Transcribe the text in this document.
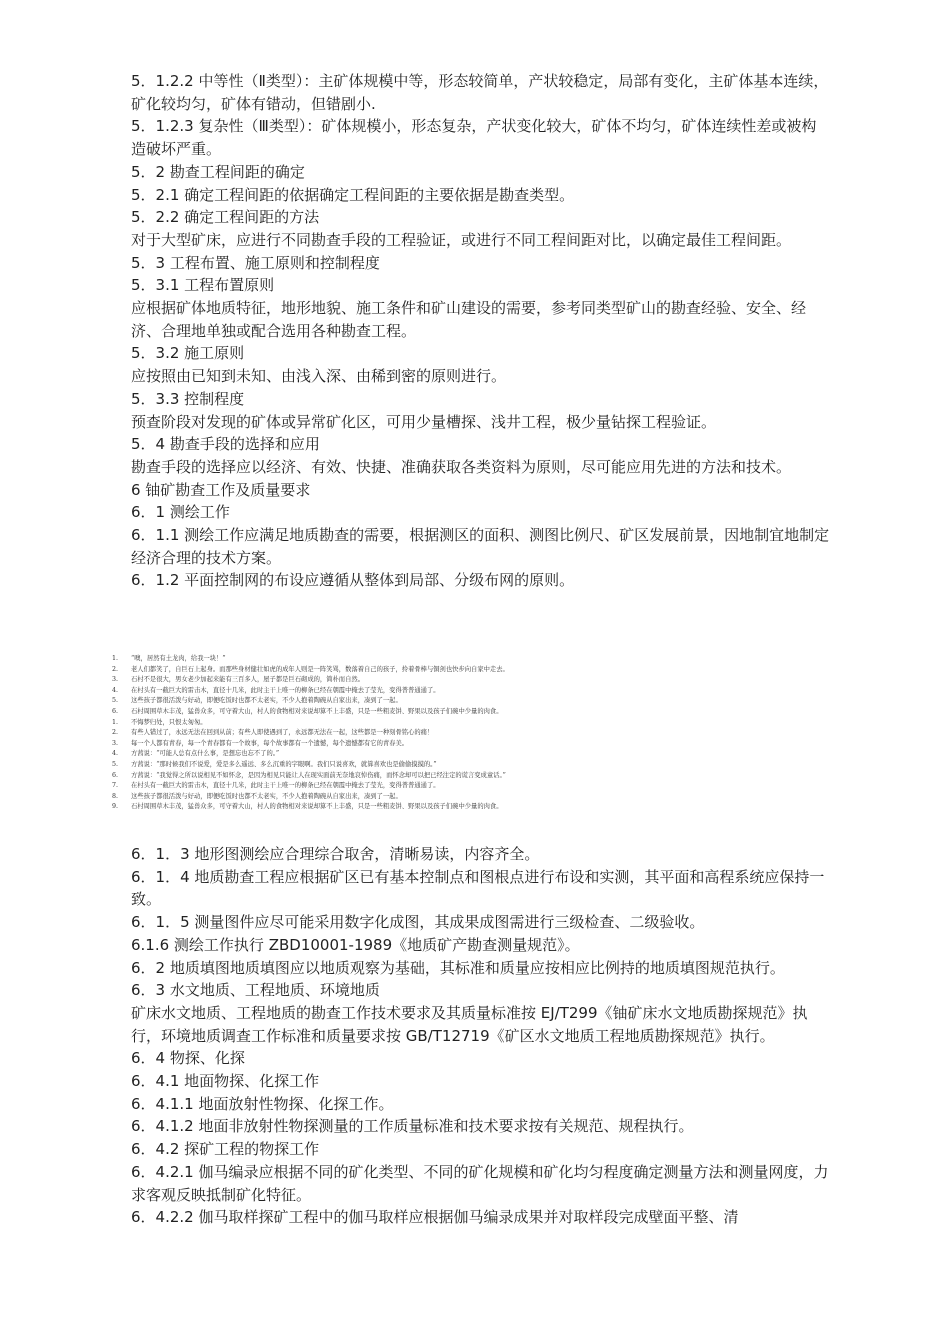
5．1.2.2 中等性（Ⅱ类型）：主矿体规模中等，形态较简单，产状较稳定，局部有变化，主矿体基本连续，矿化较均匀，矿体有错动，但错剧小.

5．1.2.3 复杂性（Ⅲ类型）：矿体规模小，形态复杂，产状变化较大，矿体不均匀，矿体连续性差或被构造破坏严重。

5．2 勘查工程间距的确定

5．2.1 确定工程间距的依据确定工程间距的主要依据是勘查类型。

5．2.2 确定工程间距的方法

对于大型矿床，应进行不同勘查手段的工程验证，或进行不同工程间距对比，以确定最佳工程间距。

5．3 工程布置、施工原则和控制程度

5．3.1 工程布置原则

应根据矿体地质特征，地形地貌、施工条件和矿山建设的需要，参考同类型矿山的勘查经验、安全、经济、合理地单独或配合选用各种勘查工程。

5．3.2 施工原则

应按照由已知到未知、由浅入深、由稀到密的原则进行。

5．3.3 控制程度

预查阶段对发现的矿体或异常矿化区，可用少量槽探、浅井工程，极少量钻探工程验证。

5．4 勘查手段的选择和应用

勘查手段的选择应以经济、有效、快捷、准确获取各类资料为原则，尽可能应用先进的方法和技术。

6 铀矿勘查工作及质量要求

6．1 测绘工作

6．1.1 测绘工作应满足地质勘查的需要，根据测区的面积、测图比例尺、矿区发展前景，因地制宜地制定经济合理的技术方案。

6．1.2 平面控制网的布设应遵循从整体到局部、分级布网的原则。

1. “噢，居然有土龙肉，给我一块！”
2. 老人们都笑了，自巨石上起身。而那些身材健壮如虎的成年人则是一阵笑骂，数落着自己的孩子，拎着骨棒与铜剑也快步向自家中走去。
3. 石村不是很大，男女老少加起来能有三百多人，屋子都是巨石砌成的，简朴而自然。
4. 在村头有一截巨大的雷击木，直径十几米，此时主干上唯一的柳条已经在朝霞中掩去了莹光，变得普普通通了。
5. 这些孩子都很活泼与好动，即便吃饭时也都不太老实，不少人抱着陶碗从自家出来，凑到了一起。
6. 石村周围草木丰茂，猛兽众多，可守着大山，村人的食物相对来说却算不上丰盛，只是一些粗麦饼、野果以及孩子们碗中少量的肉食。
1. 不悔梦归处，只恨太匆匆。
2. 有些人错过了，永远无法在回到从前；有些人即使遇到了，永远都无法在一起，这些都是一种刻骨铭心的痛！
3. 每一个人都有青春，每一个青春都有一个故事，每个故事都有一个遗憾，每个遗憾都有它的青春美。
4. 方茜说：“可能人总有点什么事，是想忘也忘不了的。”
5. 方茜说：“那时候我们不说爱，爱是多么遥远、多么沉重的字眼啊。我们只说喜欢，就算喜欢也是偷偷摸摸的。”
6. 方茜说：“我觉得之所以说相见不如怀念，是因为相见只能让人在现实面前无奈地哀悼伤痛，而怀念却可以把已经注定的谎言变成童话。”
7. 在村头有一截巨大的雷击木，直径十几米，此时主干上唯一的柳条已经在朝霞中掩去了莹光，变得普普通通了。
8. 这些孩子都很活泼与好动，即便吃饭时也都不太老实，不少人抱着陶碗从自家出来，凑到了一起。
9. 石村周围草木丰茂，猛兽众多，可守着大山，村人的食物相对来说却算不上丰盛，只是一些粗麦饼、野果以及孩子们碗中少量的肉食。

6．1．3 地形图测绘应合理综合取舍，清晰易读，内容齐全。

6．1．4 地质勘查工程应根据矿区已有基本控制点和图根点进行布设和实测，其平面和高程系统应保持一致。

6．1．5 测量图件应尽可能采用数字化成图，其成果成图需进行三级检查、二级验收。

6.1.6 测绘工作执行 ZBD10001-1989《地质矿产勘查测量规范》。

6．2 地质填图地质填图应以地质观察为基础，其标准和质量应按相应比例持的地质填图规范执行。

6．3 水文地质、工程地质、环境地质

矿床水文地质、工程地质的勘查工作技术要求及其质量标准按 EJ/T299《铀矿床水文地质勘探规范》执行，环境地质调查工作标准和质量要求按 GB/T12719《矿区水文地质工程地质勘探规范》执行。

6．4 物探、化探

6．4.1 地面物探、化探工作

6．4.1.1 地面放射性物探、化探工作。

6．4.1.2 地面非放射性物探测量的工作质量标准和技术要求按有关规范、规程执行。

6．4.2 探矿工程的物探工作

6．4.2.1 伽马编录应根据不同的矿化类型、不同的矿化规模和矿化均匀程度确定测量方法和测量网度，力求客观反映抵制矿化特征。

6．4.2.2 伽马取样探矿工程中的伽马取样应根据伽马编录成果并对取样段完成壁面平整、清
